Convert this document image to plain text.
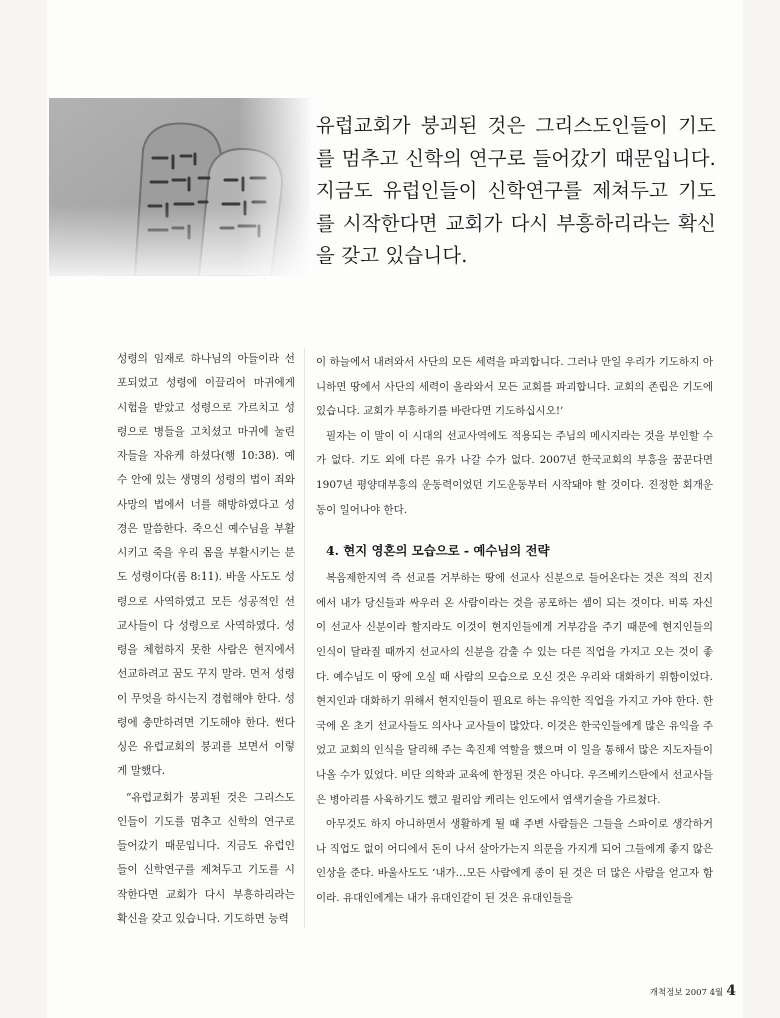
유럽교회가 붕괴된 것은 그리스도인들이 기도를 멈추고 신학의 연구로 들어갔기 때문입니다. 지금도 유럽인들이 신학연구를 제쳐두고 기도를 시작한다면 교회가 다시 부흥하리라는 확신을 갖고 있습니다.

성령의 임재로 하나님의 아들이라 선포되었고 성령에 이끌리어 마귀에게 시험을 받았고 성령으로 가르치고 성령으로 병들을 고치셨고 마귀에 눌린 자들을 자유케 하셨다(행 10:38). 예수 안에 있는 생명의 성령의 법이 죄와 사망의 법에서 너를 해방하였다고 성경은 말씀한다. 죽으신 예수님을 부활시키고 죽을 우리 몸을 부활시키는 분도 성령이다(롬 8:11). 바울 사도도 성령으로 사역하였고 모든 성공적인 선교사들이 다 성령으로 사역하였다. 성령을 체험하지 못한 사람은 현지에서 선교하려고 꿈도 꾸지 말라. 먼저 성령이 무엇을 하시는지 경험해야 한다. 성령에 충만하려면 기도해야 한다. 썬다싱은 유럽교회의 붕괴를 보면서 이렇게 말했다.

“유럽교회가 붕괴된 것은 그리스도인들이 기도를 멈추고 신학의 연구로 들어갔기 때문입니다. 지금도 유럽인들이 신학연구를 제쳐두고 기도를 시작한다면 교회가 다시 부흥하리라는 확신을 갖고 있습니다. 기도하면 능력

이 하늘에서 내려와서 사단의 모든 세력을 파괴합니다. 그러나 만일 우리가 기도하지 아니하면 땅에서 사단의 세력이 올라와서 모든 교회를 파괴합니다. 교회의 존립은 기도에 있습니다. 교회가 부흥하기를 바란다면 기도하십시오!’

필자는 이 말이 이 시대의 선교사역에도 적용되는 주님의 메시지라는 것을 부인할 수가 없다. 기도 외에 다른 유가 나갈 수가 없다. 2007년 한국교회의 부흥을 꿈꾼다면 1907년 평양대부흥의 운동력이었던 기도운동부터 시작돼야 할 것이다. 진정한 회개운동이 일어나야 한다.

4. 현지 영혼의 모습으로 - 예수님의 전략

복음제한지역 즉 선교를 거부하는 땅에 선교사 신분으로 들어온다는 것은 적의 진지에서 내가 당신들과 싸우러 온 사람이라는 것을 공포하는 셈이 되는 것이다. 비록 자신이 선교사 신분이라 할지라도 이것이 현지인들에게 거부감을 주기 때문에 현지인들의 인식이 달라질 때까지 선교사의 신분을 감출 수 있는 다른 직업을 가지고 오는 것이 좋다. 예수님도 이 땅에 오실 때 사람의 모습으로 오신 것은 우리와 대화하기 위함이었다. 현지인과 대화하기 위해서 현지인들이 필요로 하는 유익한 직업을 가지고 가야 한다. 한국에 온 초기 선교사들도 의사나 교사들이 많았다. 이것은 한국인들에게 많은 유익을 주었고 교회의 인식을 달리해 주는 촉진제 역할을 했으며 이 일을 통해서 많은 지도자들이 나올 수가 있었다. 비단 의학과 교육에 한정된 것은 아니다. 우즈베키스탄에서 선교사들은 병아리를 사육하기도 했고 윌리암 케리는 인도에서 염색기술을 가르쳤다.

아무것도 하지 아니하면서 생활하게 될 때 주변 사람들은 그들을 스파이로 생각하거나 직업도 없이 어디에서 돈이 나서 살아가는지 의문을 가지게 되어 그들에게 좋지 않은 인상을 준다. 바울사도도 ‘내가…모든 사람에게 종이 된 것은 더 많은 사람을 얻고자 함이라. 유대인에게는 내가 유대인같이 된 것은 유대인들을

개척정보 2007 4월 4
